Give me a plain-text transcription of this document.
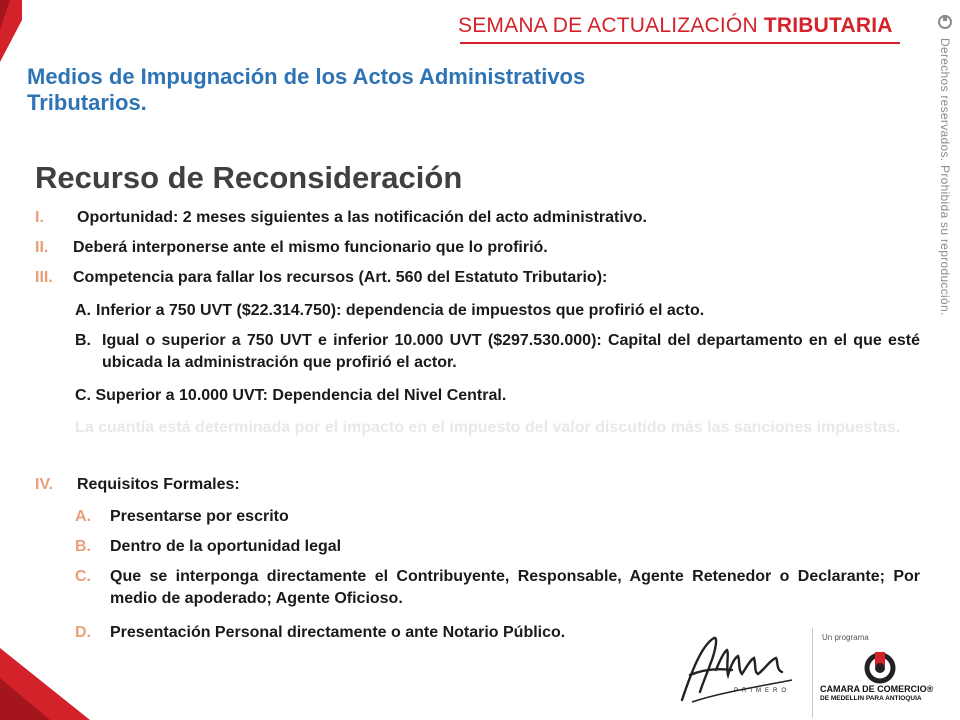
SEMANA DE ACTUALIZACIÓN TRIBUTARIA
Derechos reservados. Prohibida su reproducción.
Medios de Impugnación de los Actos Administrativos Tributarios.
Recurso de Reconsideración
I. Oportunidad: 2 meses siguientes a las notificación del acto administrativo.
II. Deberá interponerse ante el mismo funcionario que lo profirió.
III. Competencia para fallar los recursos (Art. 560 del Estatuto Tributario):
A. Inferior a 750 UVT ($22.314.750): dependencia de impuestos que profirió el acto.
B. Igual o superior a 750 UVT e inferior 10.000 UVT ($297.530.000): Capital del departamento en el que esté ubicada la administración que profirió el actor.
C. Superior a 10.000 UVT: Dependencia del Nivel Central.
La cuantía está determinada por el impacto en el impuesto del valor discutido más las sanciones impuestas.
IV. Requisitos Formales:
A. Presentarse por escrito
B. Dentro de la oportunidad legal
C. Que se interponga directamente el Contribuyente, Responsable, Agente Retenedor o Declarante; Por medio de apoderado; Agente Oficioso.
D. Presentación Personal directamente o ante Notario Público.
PRIMERO
Un programa
CAMARA DE COMERCIO®
DE MEDELLIN PARA ANTIOQUIA
